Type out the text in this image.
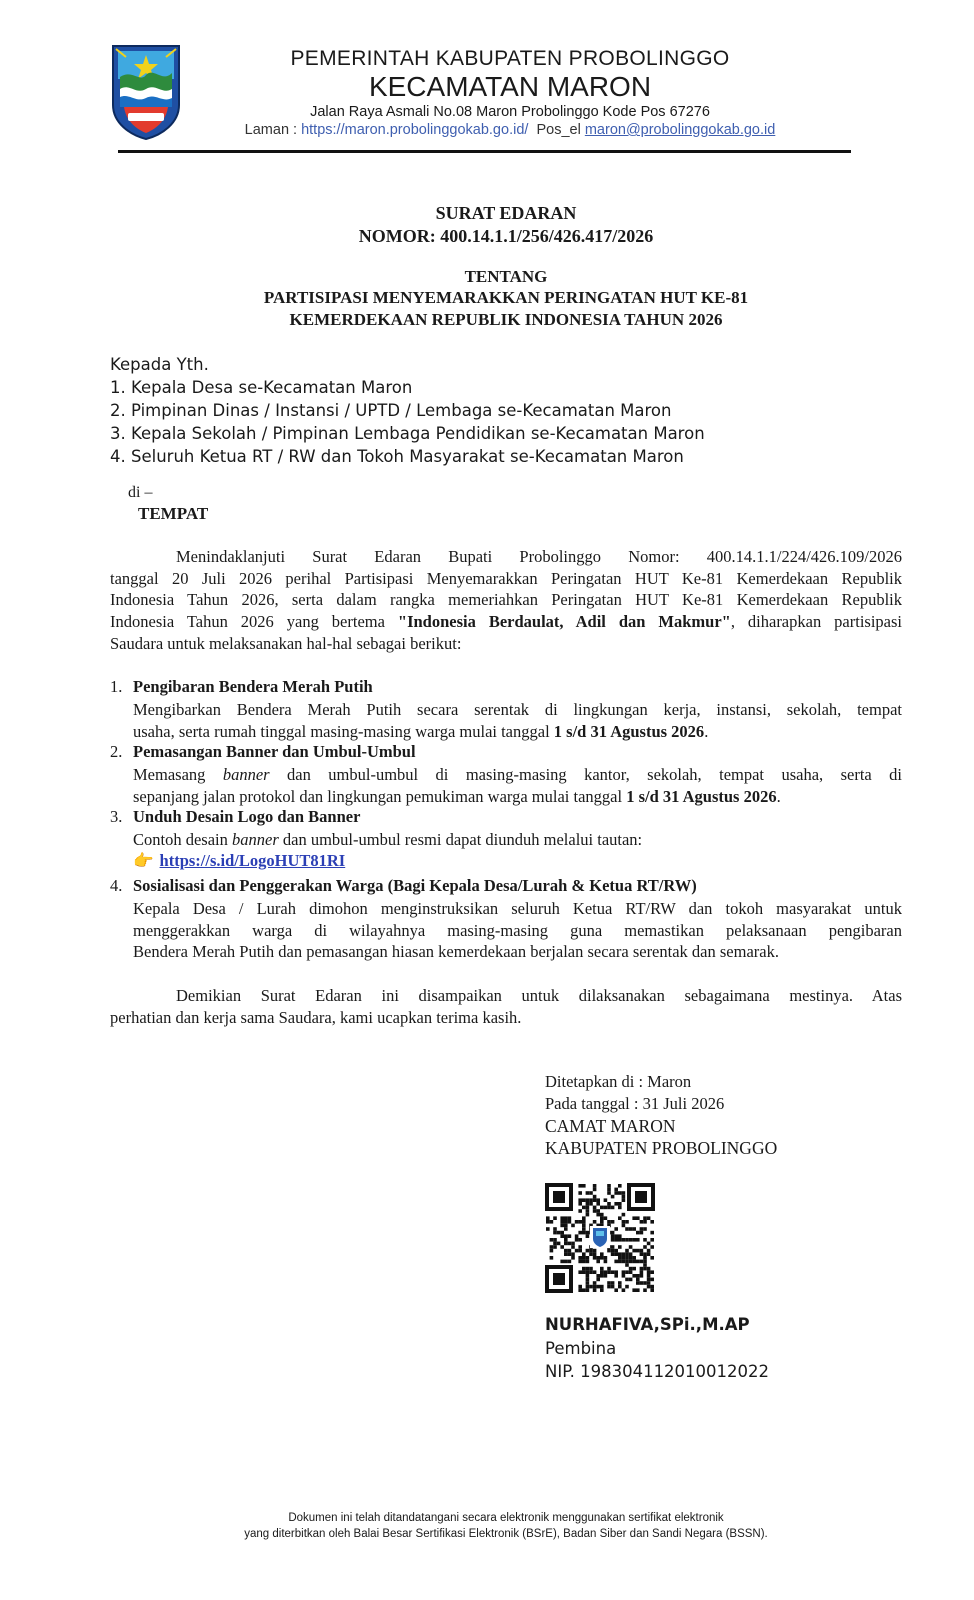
PEMERINTAH KABUPATEN PROBOLINGGO
KECAMATAN MARON
Jalan Raya Asmali No.08 Maron Probolinggo Kode Pos 67276
Laman : https://maron.probolinggokab.go.id/  Pos_el maron@probolinggokab.go.id
SURAT EDARAN
NOMOR: 400.14.1.1/256/426.417/2026
TENTANG
PARTISIPASI MENYEMARAKKAN PERINGATAN HUT KE-81
KEMERDEKAAN REPUBLIK INDONESIA TAHUN 2026
Kepada Yth.
1. Kepala Desa se-Kecamatan Maron
2. Pimpinan Dinas / Instansi / UPTD / Lembaga se-Kecamatan Maron
3. Kepala Sekolah / Pimpinan Lembaga Pendidikan se-Kecamatan Maron
4. Seluruh Ketua RT / RW dan Tokoh Masyarakat se-Kecamatan Maron
di –
TEMPAT
Menindaklanjuti Surat Edaran Bupati Probolinggo Nomor: 400.14.1.1/224/426.109/2026
tanggal 20 Juli 2026 perihal Partisipasi Menyemarakkan Peringatan HUT Ke-81 Kemerdekaan Republik
Indonesia Tahun 2026, serta dalam rangka memeriahkan Peringatan HUT Ke-81 Kemerdekaan Republik
Indonesia Tahun 2026 yang bertema "Indonesia Berdaulat, Adil dan Makmur", diharapkan partisipasi
Saudara untuk melaksanakan hal-hal sebagai berikut:
1. Pengibaran Bendera Merah Putih
Mengibarkan Bendera Merah Putih secara serentak di lingkungan kerja, instansi, sekolah, tempat
usaha, serta rumah tinggal masing-masing warga mulai tanggal 1 s/d 31 Agustus 2026.
2. Pemasangan Banner dan Umbul-Umbul
Memasang banner dan umbul-umbul di masing-masing kantor, sekolah, tempat usaha, serta di
sepanjang jalan protokol dan lingkungan pemukiman warga mulai tanggal 1 s/d 31 Agustus 2026.
3. Unduh Desain Logo dan Banner
Contoh desain banner dan umbul-umbul resmi dapat diunduh melalui tautan:
👉 https://s.id/LogoHUT81RI
4. Sosialisasi dan Penggerakan Warga (Bagi Kepala Desa/Lurah & Ketua RT/RW)
Kepala Desa / Lurah dimohon menginstruksikan seluruh Ketua RT/RW dan tokoh masyarakat untuk
menggerakkan warga di wilayahnya masing-masing guna memastikan pelaksanaan pengibaran
Bendera Merah Putih dan pemasangan hiasan kemerdekaan berjalan secara serentak dan semarak.
Demikian Surat Edaran ini disampaikan untuk dilaksanakan sebagaimana mestinya. Atas
perhatian dan kerja sama Saudara, kami ucapkan terima kasih.
Ditetapkan di : Maron
Pada tanggal : 31 Juli 2026
CAMAT MARON
KABUPATEN PROBOLINGGO
NURHAFIVA,SPi.,M.AP
Pembina
NIP. 198304112010012022
Dokumen ini telah ditandatangani secara elektronik menggunakan sertifikat elektronik
yang diterbitkan oleh Balai Besar Sertifikasi Elektronik (BSrE), Badan Siber dan Sandi Negara (BSSN).
